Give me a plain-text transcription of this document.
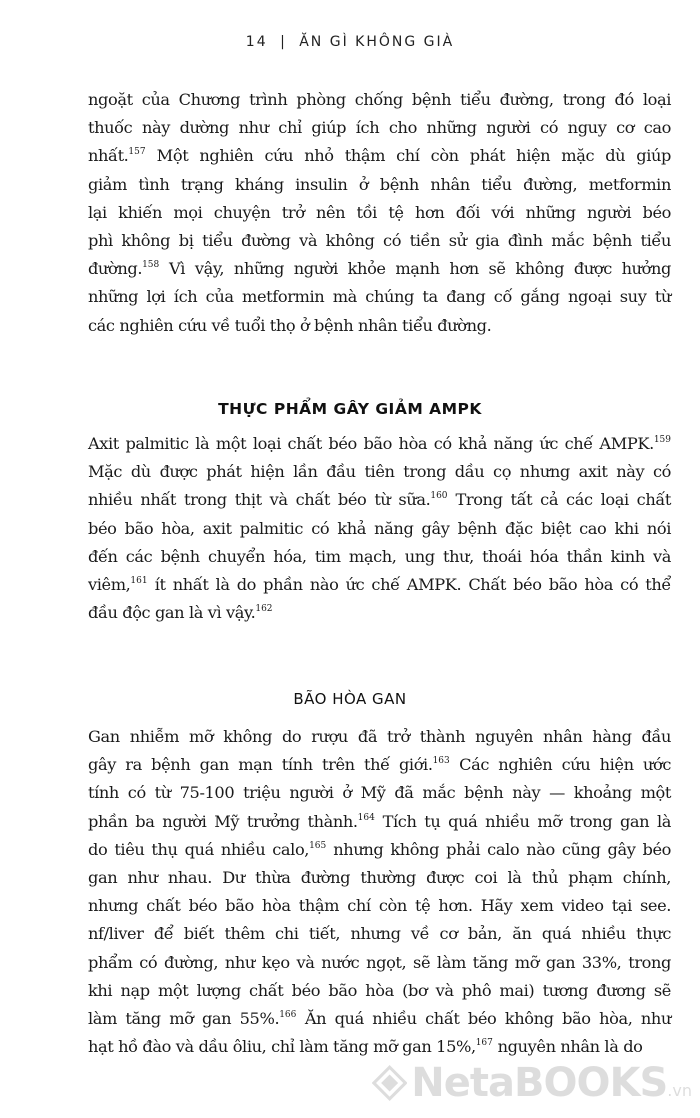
14 | ĂN GÌ KHÔNG GIÀ
ngoặt của Chương trình phòng chống bệnh tiểu đường, trong đó loại
thuốc này dường như chỉ giúp ích cho những người có nguy cơ cao
nhất.$^{157}$ Một nghiên cứu nhỏ thậm chí còn phát hiện mặc dù giúp
giảm tình trạng kháng insulin ở bệnh nhân tiểu đường, metformin
lại khiến mọi chuyện trở nên tồi tệ hơn đối với những người béo
phì không bị tiểu đường và không có tiền sử gia đình mắc bệnh tiểu
đường.$^{158}$ Vì vậy, những người khỏe mạnh hơn sẽ không được hưởng
những lợi ích của metformin mà chúng ta đang cố gắng ngoại suy từ
các nghiên cứu về tuổi thọ ở bệnh nhân tiểu đường.
THỰC PHẨM GÂY GIẢM AMPK
Axit palmitic là một loại chất béo bão hòa có khả năng ức chế AMPK.$^{159}$
Mặc dù được phát hiện lần đầu tiên trong dầu cọ nhưng axit này có
nhiều nhất trong thịt và chất béo từ sữa.$^{160}$ Trong tất cả các loại chất
béo bão hòa, axit palmitic có khả năng gây bệnh đặc biệt cao khi nói
đến các bệnh chuyển hóa, tim mạch, ung thư, thoái hóa thần kinh và
viêm,$^{161}$ ít nhất là do phần nào ức chế AMPK. Chất béo bão hòa có thể
đầu độc gan là vì vậy.$^{162}$
BÃO HÒA GAN
Gan nhiễm mỡ không do rượu đã trở thành nguyên nhân hàng đầu
gây ra bệnh gan mạn tính trên thế giới.$^{163}$ Các nghiên cứu hiện ước
tính có từ 75-100 triệu người ở Mỹ đã mắc bệnh này — khoảng một
phần ba người Mỹ trưởng thành.$^{164}$ Tích tụ quá nhiều mỡ trong gan là
do tiêu thụ quá nhiều calo,$^{165}$ nhưng không phải calo nào cũng gây béo
gan như nhau. Dư thừa đường thường được coi là thủ phạm chính,
nhưng chất béo bão hòa thậm chí còn tệ hơn. Hãy xem video tại see.
nf/liver để biết thêm chi tiết, nhưng về cơ bản, ăn quá nhiều thực
phẩm có đường, như kẹo và nước ngọt, sẽ làm tăng mỡ gan 33%, trong
khi nạp một lượng chất béo bão hòa (bơ và phô mai) tương đương sẽ
làm tăng mỡ gan 55%.$^{166}$ Ăn quá nhiều chất béo không bão hòa, như
hạt hồ đào và dầu ôliu, chỉ làm tăng mỡ gan 15%,$^{167}$ nguyên nhân là do
NetaBOOKS .vn
